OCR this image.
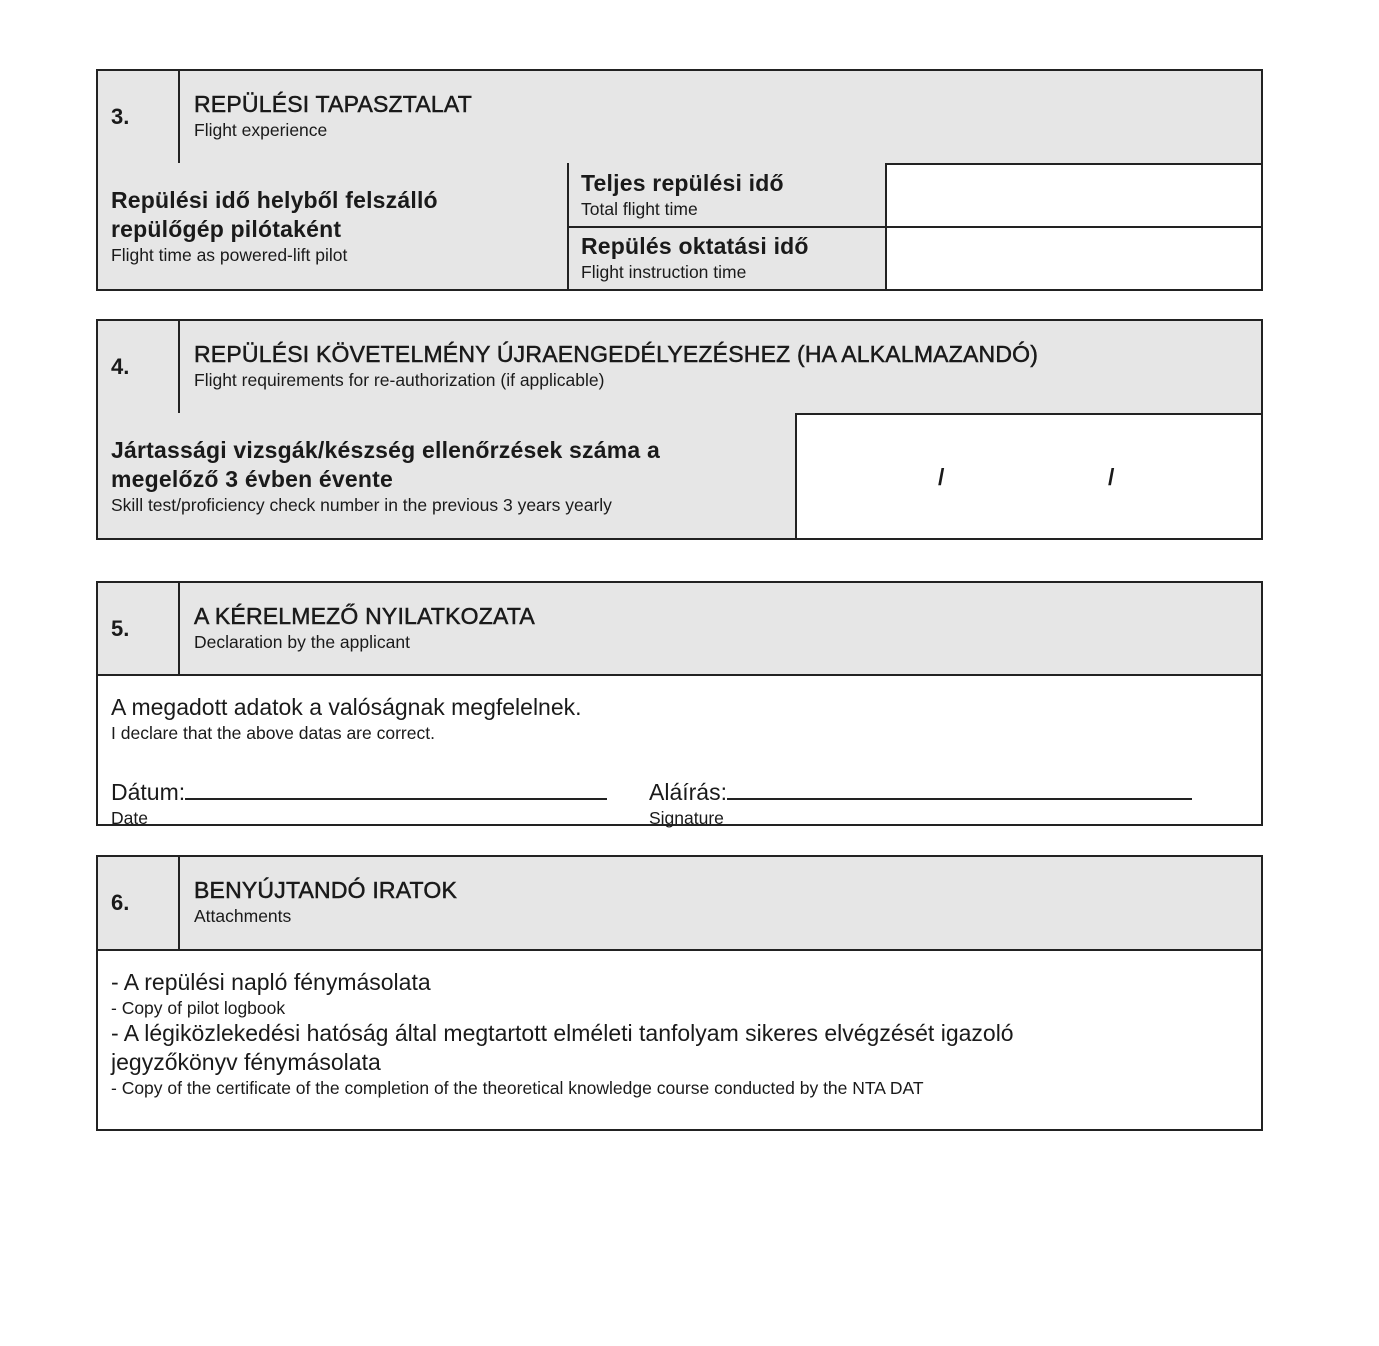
3.	REPÜLÉSI TAPASZTALAT
Flight experience
Repülési idő helyből felszálló
repülőgép pilótaként
Flight time as powered-lift pilot
Teljes repülési idő
Total flight time
Repülés oktatási idő
Flight instruction time
4.	REPÜLÉSI KÖVETELMÉNY ÚJRAENGEDÉLYEZÉSHEZ (HA ALKALMAZANDÓ)
Flight requirements for re-authorization (if applicable)
Jártassági vizsgák/készség ellenőrzések száma a
megelőző 3 évben évente
Skill test/proficiency check number in the previous 3 years yearly
/	/
5.	A KÉRELMEZŐ NYILATKOZATA
Declaration by the applicant
A megadott adatok a valóságnak megfelelnek.
I declare that the above datas are correct.
Dátum:
Date
Aláírás:
Signature
6.	BENYÚJTANDÓ IRATOK
Attachments
- A repülési napló fénymásolata
- Copy of pilot logbook
- A légiközlekedési hatóság által megtartott elméleti tanfolyam sikeres elvégzését igazoló
jegyzőkönyv fénymásolata
- Copy of the certificate of the completion of the theoretical knowledge course conducted by the NTA DAT
